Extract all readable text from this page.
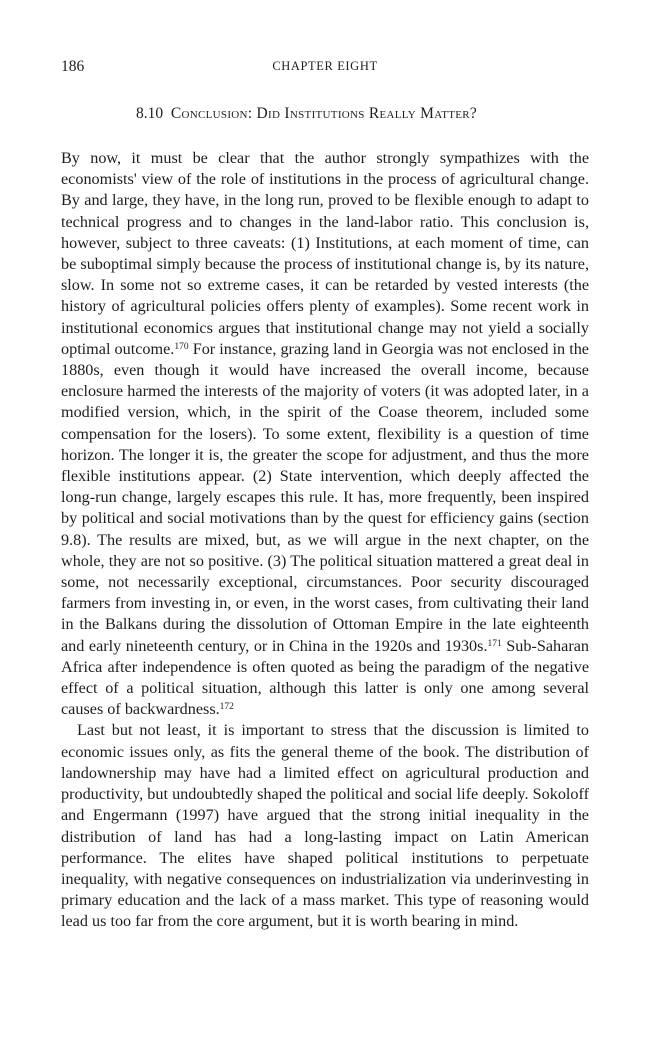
186	CHAPTER EIGHT
8.10 Conclusion: Did Institutions Really Matter?

By now, it must be clear that the author strongly sympathizes with the economists' view of the role of institutions in the process of agricultural change. By and large, they have, in the long run, proved to be flexible enough to adapt to technical progress and to changes in the land-labor ratio. This conclusion is, however, subject to three caveats: (1) Institutions, at each moment of time, can be suboptimal simply because the process of institutional change is, by its nature, slow. In some not so extreme cases, it can be retarded by vested interests (the history of agricultural policies offers plenty of examples). Some recent work in institutional economics argues that institutional change may not yield a socially optimal outcome.$^{170}$ For instance, grazing land in Georgia was not enclosed in the 1880s, even though it would have increased the overall income, because enclosure harmed the interests of the majority of voters (it was adopted later, in a modified version, which, in the spirit of the Coase theorem, included some compensation for the losers). To some extent, flexibility is a question of time horizon. The longer it is, the greater the scope for adjustment, and thus the more flexible institutions appear. (2) State intervention, which deeply affected the long-run change, largely escapes this rule. It has, more frequently, been inspired by political and social motivations than by the quest for efficiency gains (section 9.8). The results are mixed, but, as we will argue in the next chapter, on the whole, they are not so positive. (3) The political situation mattered a great deal in some, not necessarily exceptional, circumstances. Poor security discouraged farmers from investing in, or even, in the worst cases, from cultivating their land in the Balkans during the dissolution of Ottoman Empire in the late eighteenth and early nineteenth century, or in China in the 1920s and 1930s.$^{171}$ Sub-Saharan Africa after independence is often quoted as being the paradigm of the negative effect of a political situation, although this latter is only one among several causes of backwardness.$^{172}$

Last but not least, it is important to stress that the discussion is limited to economic issues only, as fits the general theme of the book. The distribution of landownership may have had a limited effect on agricultural production and productivity, but undoubtedly shaped the political and social life deeply. Sokoloff and Engermann (1997) have argued that the strong initial inequality in the distribution of land has had a long-lasting impact on Latin American performance. The elites have shaped political institutions to perpetuate inequality, with negative consequences on industrialization via underinvesting in primary education and the lack of a mass market. This type of reasoning would lead us too far from the core argument, but it is worth bearing in mind.
